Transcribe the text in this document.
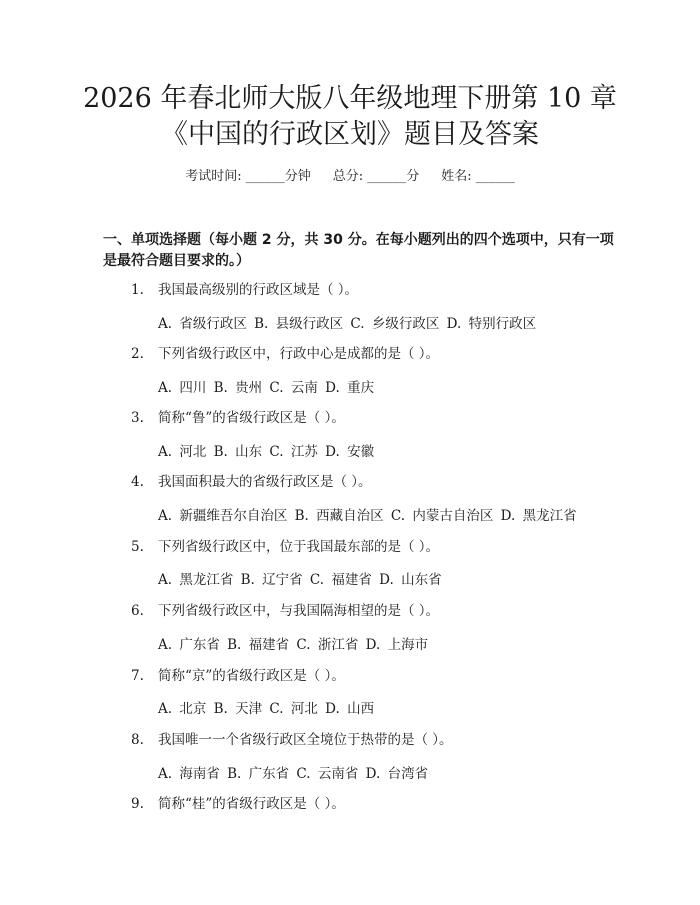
2026 年春北师大版八年级地理下册第 10 章
《中国的行政区划》题目及答案
考试时间: ______分钟 总分: ______分 姓名: ______
一、单项选择题（每小题 2 分，共 30 分。在每小题列出的四个选项中，只有一项是最符合题目要求的。）
1. 我国最高级别的行政区域是（ ）。
2. 下列省级行政区中，行政中心是成都的是（ ）。
3. 简称“鲁”的省级行政区是（ ）。
4. 我国面积最大的省级行政区是（ ）。
5. 下列省级行政区中，位于我国最东部的是（ ）。
6. 下列省级行政区中，与我国隔海相望的是（ ）。
7. 简称“京”的省级行政区是（ ）。
8. 我国唯一一个省级行政区全境位于热带的是（ ）。
9. 简称“桂”的省级行政区是（ ）。
A. 省级行政区 B. 县级行政区 C. 乡级行政区 D. 特别行政区
A. 四川 B. 贵州 C. 云南 D. 重庆
A. 河北 B. 山东 C. 江苏 D. 安徽
A. 新疆维吾尔自治区 B. 西藏自治区 C. 内蒙古自治区 D. 黑龙江省
A. 黑龙江省 B. 辽宁省 C. 福建省 D. 山东省
A. 广东省 B. 福建省 C. 浙江省 D. 上海市
A. 北京 B. 天津 C. 河北 D. 山西
A. 海南省 B. 广东省 C. 云南省 D. 台湾省
